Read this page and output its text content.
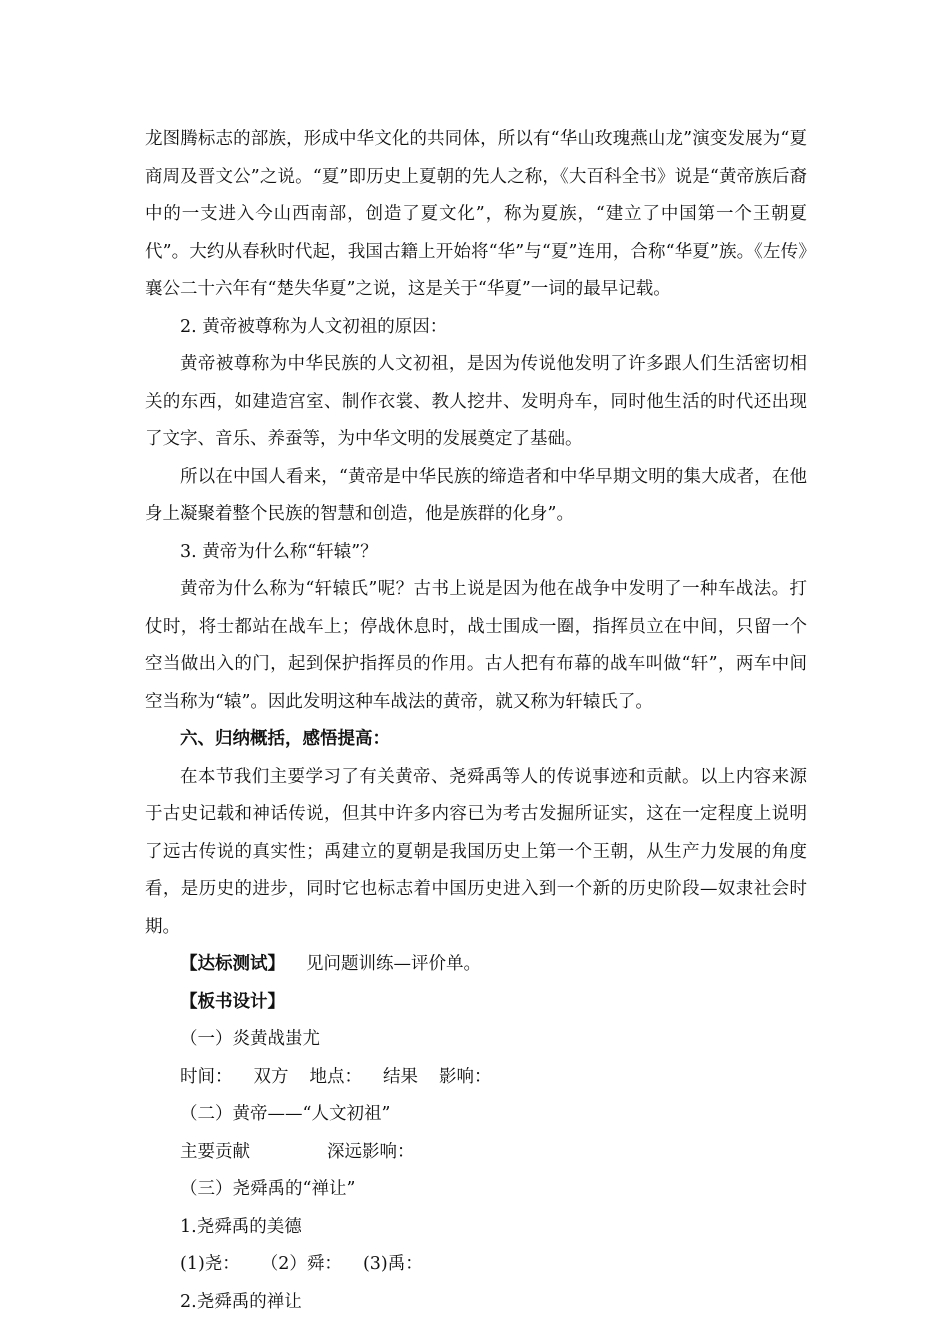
龙图腾标志的部族，形成中华文化的共同体，所以有“华山玫瑰燕山龙”演变发展为“夏商周及晋文公”之说。“夏”即历史上夏朝的先人之称，《大百科全书》说是“黄帝族后裔中的一支进入今山西南部，创造了夏文化”，称为夏族，“建立了中国第一个王朝夏代”。大约从春秋时代起，我国古籍上开始将“华”与“夏”连用，合称“华夏”族。《左传》襄公二十六年有“楚失华夏”之说，这是关于“华夏”一词的最早记载。

2. 黄帝被尊称为人文初祖的原因：

黄帝被尊称为中华民族的人文初祖，是因为传说他发明了许多跟人们生活密切相关的东西，如建造宫室、制作衣裳、教人挖井、发明舟车，同时他生活的时代还出现了文字、音乐、养蚕等，为中华文明的发展奠定了基础。

所以在中国人看来，“黄帝是中华民族的缔造者和中华早期文明的集大成者，在他身上凝聚着整个民族的智慧和创造，他是族群的化身”。

3. 黄帝为什么称“轩辕”？

黄帝为什么称为“轩辕氏”呢？古书上说是因为他在战争中发明了一种车战法。打仗时，将士都站在战车上；停战休息时，战士围成一圈，指挥员立在中间，只留一个空当做出入的门，起到保护指挥员的作用。古人把有布幕的战车叫做“轩”，两车中间空当称为“辕”。因此发明这种车战法的黄帝，就又称为轩辕氏了。

六、归纳概括，感悟提高：

在本节我们主要学习了有关黄帝、尧舜禹等人的传说事迹和贡献。以上内容来源于古史记载和神话传说，但其中许多内容已为考古发掘所证实，这在一定程度上说明了远古传说的真实性；禹建立的夏朝是我国历史上第一个王朝，从生产力发展的角度看，是历史的进步，同时它也标志着中国历史进入到一个新的历史阶段—奴隶社会时期。

【达标测试】 见问题训练—评价单。

【板书设计】

（一）炎黄战蚩尤

时间： 双方 地点： 结果 影响：

（二）黄帝——“人文初祖”

主要贡献	深远影响：

（三）尧舜禹的“禅让”

1.尧舜禹的美德

(1)尧： （2）舜： (3)禹：

2.尧舜禹的禅让
